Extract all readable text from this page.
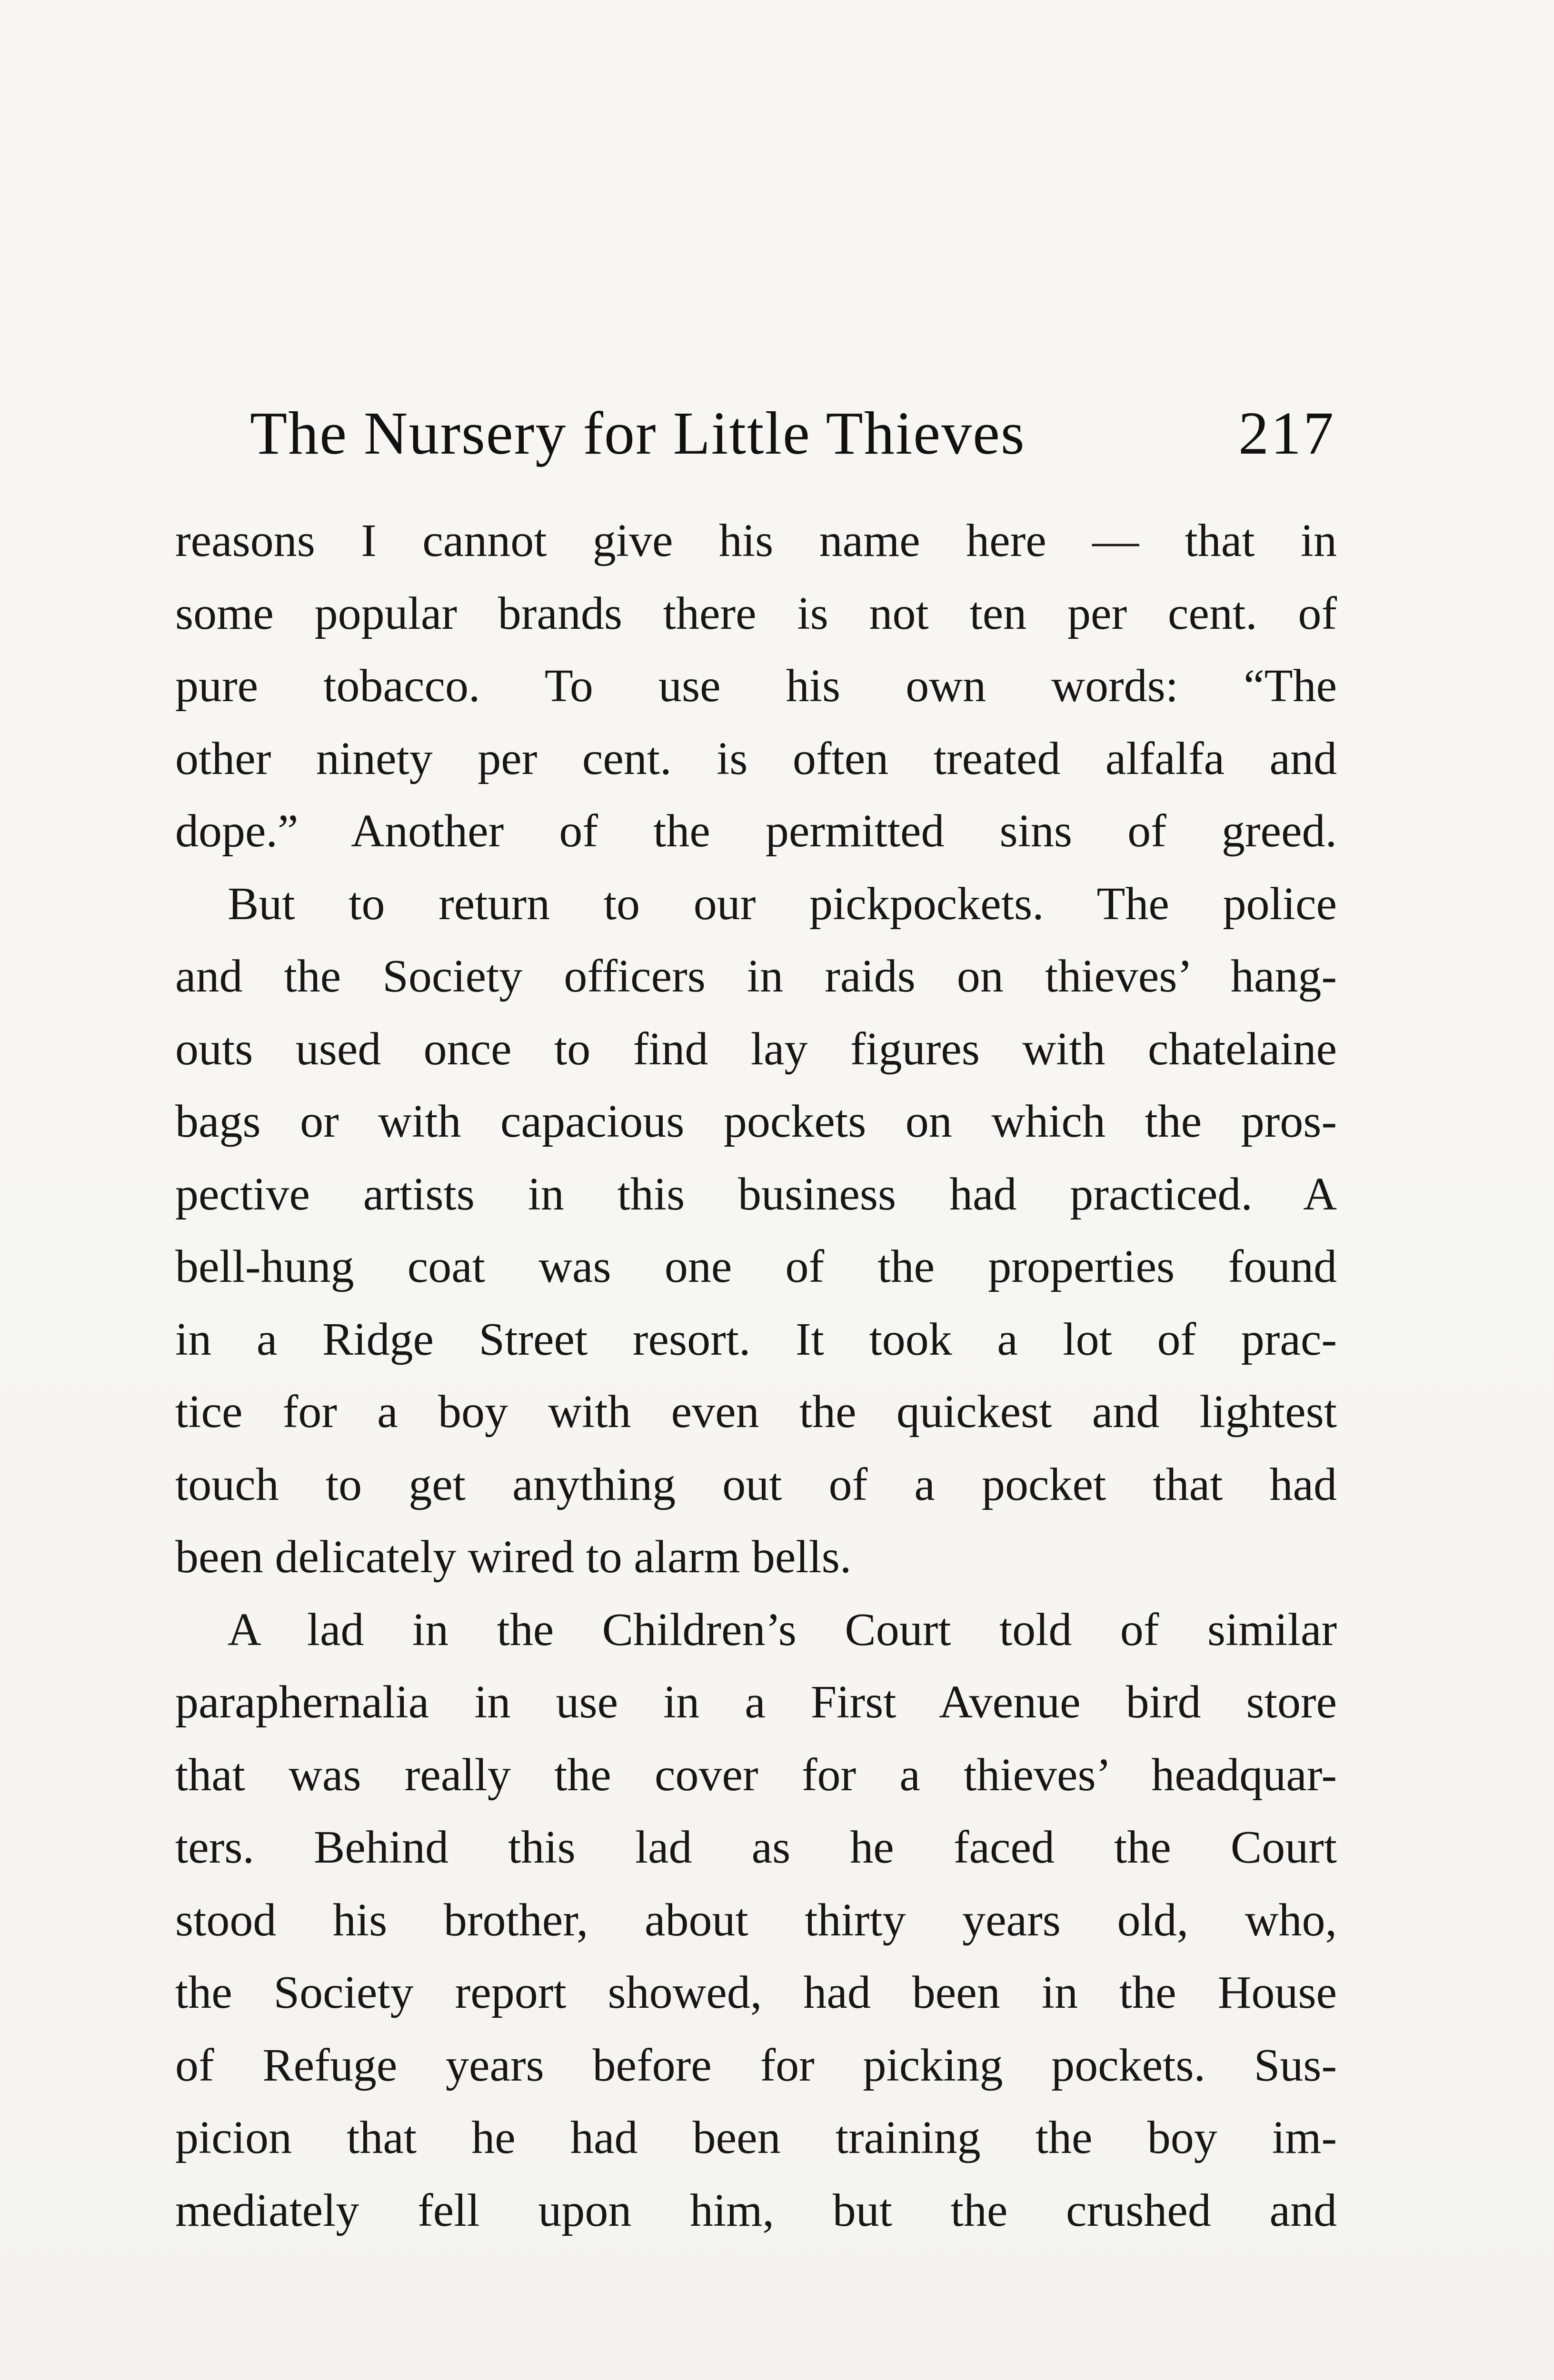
The Nursery for Little Thieves	217
reasons I cannot give his name here — that in
some popular brands there is not ten per cent. of
pure tobacco. To use his own words: “The
other ninety per cent. is often treated alfalfa and
dope.” Another of the permitted sins of greed.
But to return to our pickpockets. The police
and the Society officers in raids on thieves’ hang-
outs used once to find lay figures with chatelaine
bags or with capacious pockets on which the pros-
pective artists in this business had practiced. A
bell-hung coat was one of the properties found
in a Ridge Street resort. It took a lot of prac-
tice for a boy with even the quickest and lightest
touch to get anything out of a pocket that had
been delicately wired to alarm bells.
A lad in the Children’s Court told of similar
paraphernalia in use in a First Avenue bird store
that was really the cover for a thieves’ headquar-
ters. Behind this lad as he faced the Court
stood his brother, about thirty years old, who,
the Society report showed, had been in the House
of Refuge years before for picking pockets. Sus-
picion that he had been training the boy im-
mediately fell upon him, but the crushed and
